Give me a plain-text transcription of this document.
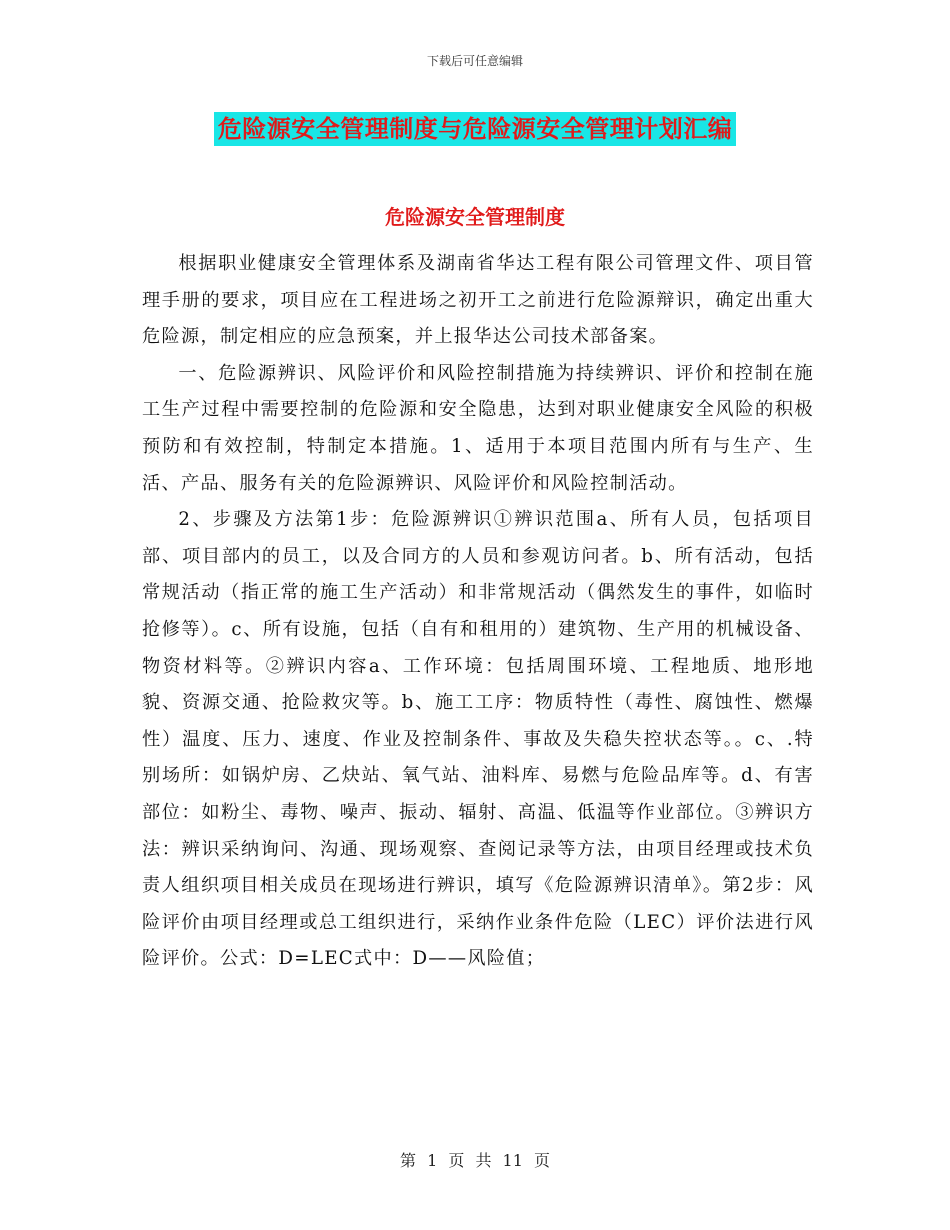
下载后可任意编辑
危险源安全管理制度与危险源安全管理计划汇编
危险源安全管理制度

根据职业健康安全管理体系及湖南省华达工程有限公司管理文件、项目管理手册的要求，项目应在工程进场之初开工之前进行危险源辩识，确定出重大危险源，制定相应的应急预案，并上报华达公司技术部备案。

一、危险源辨识、风险评价和风险控制措施为持续辨识、评价和控制在施工生产过程中需要控制的危险源和安全隐患，达到对职业健康安全风险的积极预防和有效控制，特制定本措施。1、适用于本项目范围内所有与生产、生活、产品、服务有关的危险源辨识、风险评价和风险控制活动。

2、步骤及方法第1步：危险源辨识①辨识范围a、所有人员，包括项目部、项目部内的员工，以及合同方的人员和参观访问者。b、所有活动，包括常规活动（指正常的施工生产活动）和非常规活动（偶然发生的事件，如临时抢修等）。c、所有设施，包括（自有和租用的）建筑物、生产用的机械设备、物资材料等。②辨识内容a、工作环境：包括周围环境、工程地质、地形地貌、资源交通、抢险救灾等。b、施工工序：物质特性（毒性、腐蚀性、燃爆性）温度、压力、速度、作业及控制条件、事故及失稳失控状态等。。c、.特别场所：如锅炉房、乙炔站、氧气站、油料库、易燃与危险品库等。d、有害部位：如粉尘、毒物、噪声、振动、辐射、高温、低温等作业部位。③辨识方法：辨识采纳询问、沟通、现场观察、查阅记录等方法，由项目经理或技术负责人组织项目相关成员在现场进行辨识，填写《危险源辨识清单》。第2步：风险评价由项目经理或总工组织进行，采纳作业条件危险（LEC）评价法进行风险评价。公式：D=LEC式中：D——风险值；

第 1 页 共 11 页
